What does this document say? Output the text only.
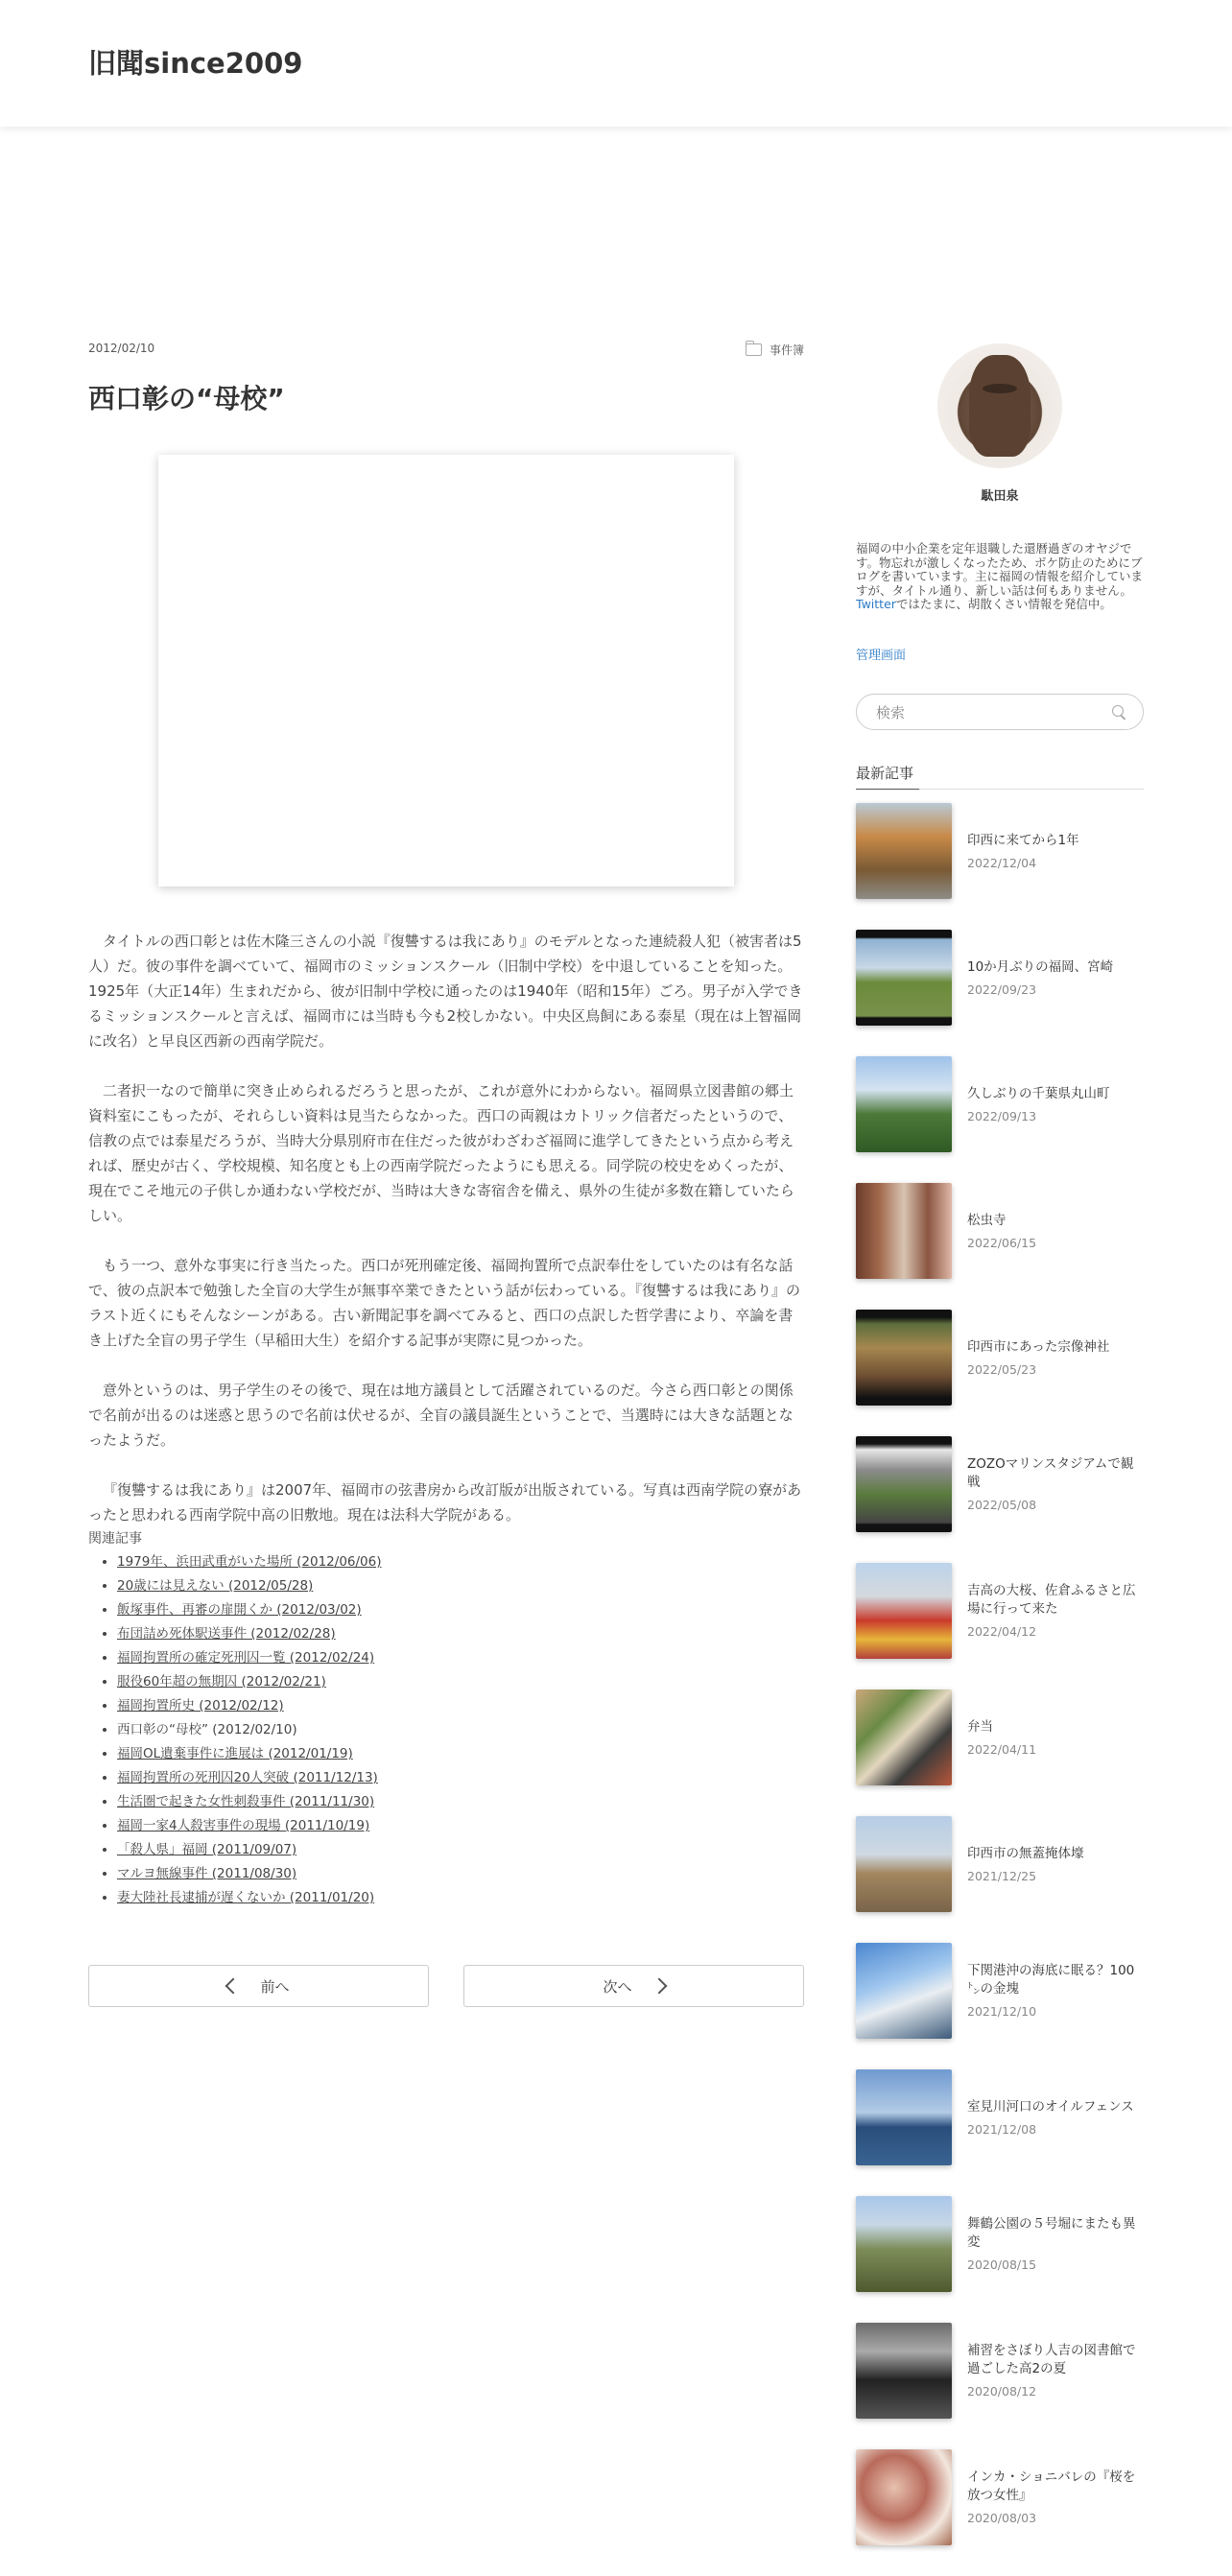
旧聞since2009
2012/02/10	事件簿
西口彰の“母校”

タイトルの西口彰とは佐木隆三さんの小説『復讐するは我にあり』のモデルとなった連続殺人犯（被害者は5人）だ。彼の事件を調べていて、福岡市のミッションスクール（旧制中学校）を中退していることを知った。1925年（大正14年）生まれだから、彼が旧制中学校に通ったのは1940年（昭和15年）ごろ。男子が入学できるミッションスクールと言えば、福岡市には当時も今も2校しかない。中央区鳥飼にある泰星（現在は上智福岡に改名）と早良区西新の西南学院だ。

二者択一なので簡単に突き止められるだろうと思ったが、これが意外にわからない。福岡県立図書館の郷土資料室にこもったが、それらしい資料は見当たらなかった。西口の両親はカトリック信者だったというので、信教の点では泰星だろうが、当時大分県別府市在住だった彼がわざわざ福岡に進学してきたという点から考えれば、歴史が古く、学校規模、知名度とも上の西南学院だったようにも思える。同学院の校史をめくったが、現在でこそ地元の子供しか通わない学校だが、当時は大きな寄宿舎を備え、県外の生徒が多数在籍していたらしい。

もう一つ、意外な事実に行き当たった。西口が死刑確定後、福岡拘置所で点訳奉仕をしていたのは有名な話で、彼の点訳本で勉強した全盲の大学生が無事卒業できたという話が伝わっている。『復讐するは我にあり』のラスト近くにもそんなシーンがある。古い新聞記事を調べてみると、西口の点訳した哲学書により、卒論を書き上げた全盲の男子学生（早稲田大生）を紹介する記事が実際に見つかった。

意外というのは、男子学生のその後で、現在は地方議員として活躍されているのだ。今さら西口彰との関係で名前が出るのは迷惑と思うので名前は伏せるが、全盲の議員誕生ということで、当選時には大きな話題となったようだ。

『復讐するは我にあり』は2007年、福岡市の弦書房から改訂版が出版されている。写真は西南学院の寮があったと思われる西南学院中高の旧敷地。現在は法科大学院がある。

関連記事
• 1979年、浜田武重がいた場所 (2012/06/06)
• 20歳には見えない (2012/05/28)
• 飯塚事件、再審の扉開くか (2012/03/02)
• 布団詰め死体駅送事件 (2012/02/28)
• 福岡拘置所の確定死刑囚一覧 (2012/02/24)
• 服役60年超の無期囚 (2012/02/21)
• 福岡拘置所史 (2012/02/12)
• 西口彰の“母校” (2012/02/10)
• 福岡OL遺棄事件に進展は (2012/01/19)
• 福岡拘置所の死刑囚20人突破 (2011/12/13)
• 生活圏で起きた女性刺殺事件 (2011/11/30)
• 福岡一家4人殺害事件の現場 (2011/10/19)
• 「殺人県」福岡 (2011/09/07)
• マルヨ無線事件 (2011/08/30)
• 妻大陸社長逮捕が遅くないか (2011/01/20)
前へ	次へ
駄田泉
福岡の中小企業を定年退職した還暦過ぎのオヤジです。物忘れが激しくなったため、ボケ防止のためにブログを書いています。主に福岡の情報を紹介していますが、タイトル通り、新しい話は何もありません。Twitterではたまに、胡散くさい情報を発信中。
管理画面
検索
最新記事
印西に来てから1年
2022/12/04
10か月ぶりの福岡、宮崎
2022/09/23
久しぶりの千葉県丸山町
2022/09/13
松虫寺
2022/06/15
印西市にあった宗像神社
2022/05/23
ZOZOマリンスタジアムで観戦
2022/05/08
吉高の大桜、佐倉ふるさと広場に行って来た
2022/04/12
弁当
2022/04/11
印西市の無蓋掩体壕
2021/12/25
下関港沖の海底に眠る？100㌧の金塊
2021/12/10
室見川河口のオイルフェンス
2021/12/08
舞鶴公園の５号堀にまたも異変
2020/08/15
補習をさぼり人吉の図書館で過ごした高2の夏
2020/08/12
インカ・ショニバレの『桜を放つ女性』
2020/08/03
